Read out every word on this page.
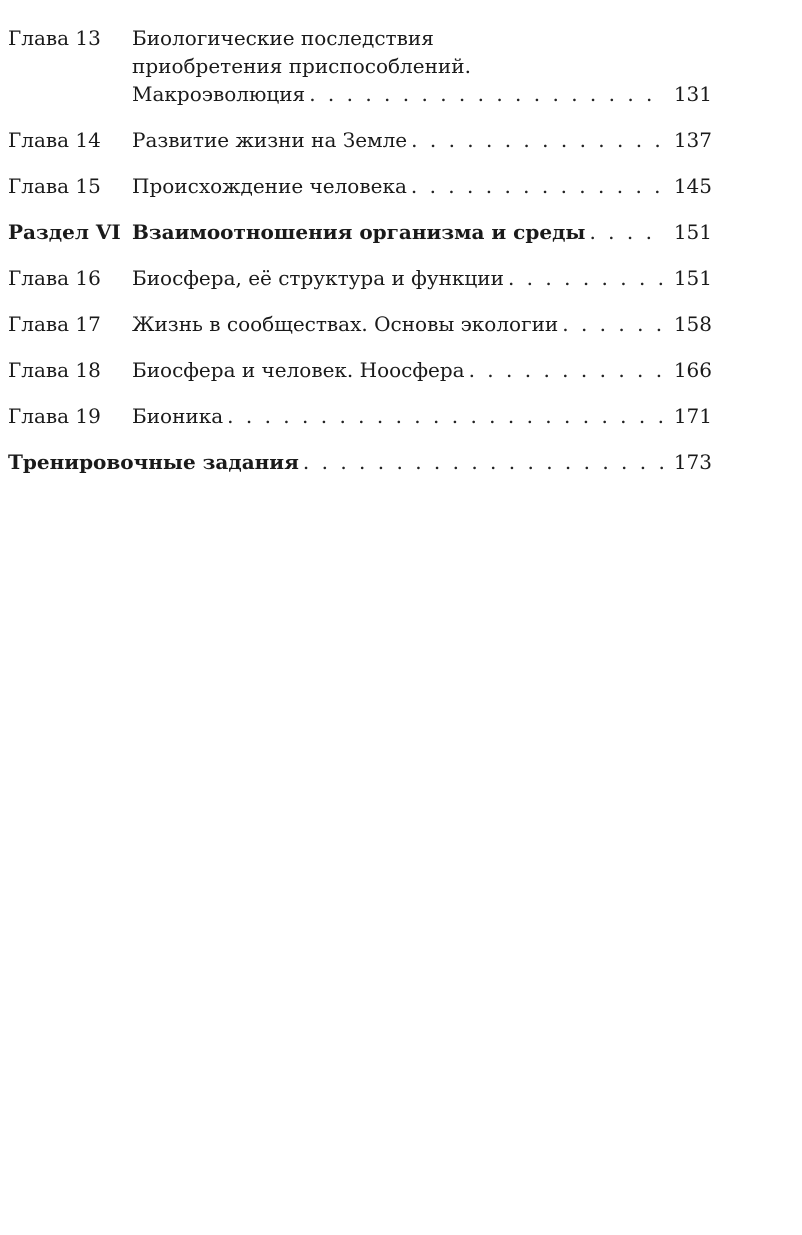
Глава 13	Биологические последствия
приобретения приспособлений.
Макроэволюция . . .	131
Глава 14	Развитие жизни на Земле . . .	137
Глава 15	Происхождение человека . . .	145
Раздел VI Взаимоотношения организма и среды . . .	151
Глава 16	Биосфера, её структура и функции . . .	151
Глава 17	Жизнь в сообществах. Основы экологии . . .	158
Глава 18	Биосфера и человек. Ноосфера . . .	166
Глава 19	Бионика . . .	171
Тренировочные задания . . .	173
